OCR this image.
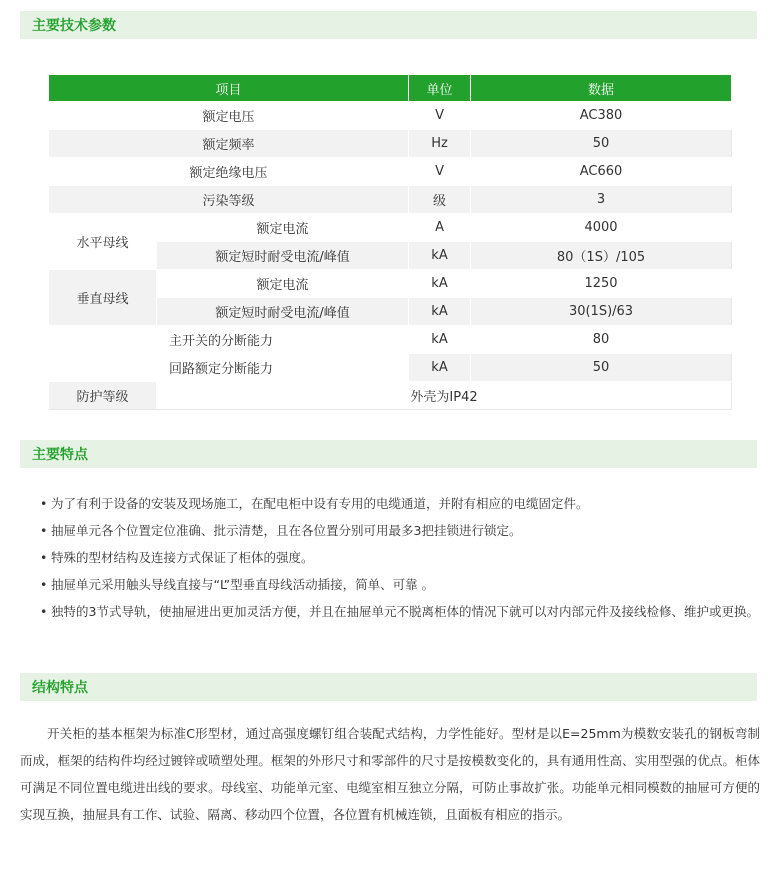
主要技术参数
项目		单位	数据
额定电压		V	AC380
额定频率		Hz	50
额定绝缘电压		V	AC660
污染等级		级	3
水平母线	额定电流	A	4000
	额定短时耐受电流/峰值	kA	80（1S）/105
垂直母线	额定电流	kA	1250
	额定短时耐受电流/峰值	kA	30(1S)/63
	主开关的分断能力	kA	80
	回路额定分断能力	kA	50
防护等级	外壳为IP42		
主要特点
• 为了有利于设备的安装及现场施工，在配电柜中设有专用的电缆通道，并附有相应的电缆固定件。
• 抽屉单元各个位置定位准确、批示清楚，且在各位置分别可用最多3把挂锁进行锁定。
• 特殊的型材结构及连接方式保证了柜体的强度。
• 抽屉单元采用触头导线直接与“L”型垂直母线活动插接，简单、可靠 。
• 独特的3节式导轨，使抽屉进出更加灵活方便，并且在抽屉单元不脱离柜体的情况下就可以对内部元件及接线检修、维护或更换。
结构特点

开关柜的基本框架为标准C形型材，通过高强度螺钉组合装配式结构，力学性能好。型材是以E=25mm为模数安装孔的钢板弯制而成，框架的结构件均经过镀锌或喷塑处理。框架的外形尺寸和零部件的尺寸是按模数变化的，具有通用性高、实用型强的优点。柜体可满足不同位置电缆进出线的要求。母线室、功能单元室、电缆室相互独立分隔，可防止事故扩张。功能单元相同模数的抽屉可方便的实现互换，抽屉具有工作、试验、隔离、移动四个位置，各位置有机械连锁，且面板有相应的指示。
